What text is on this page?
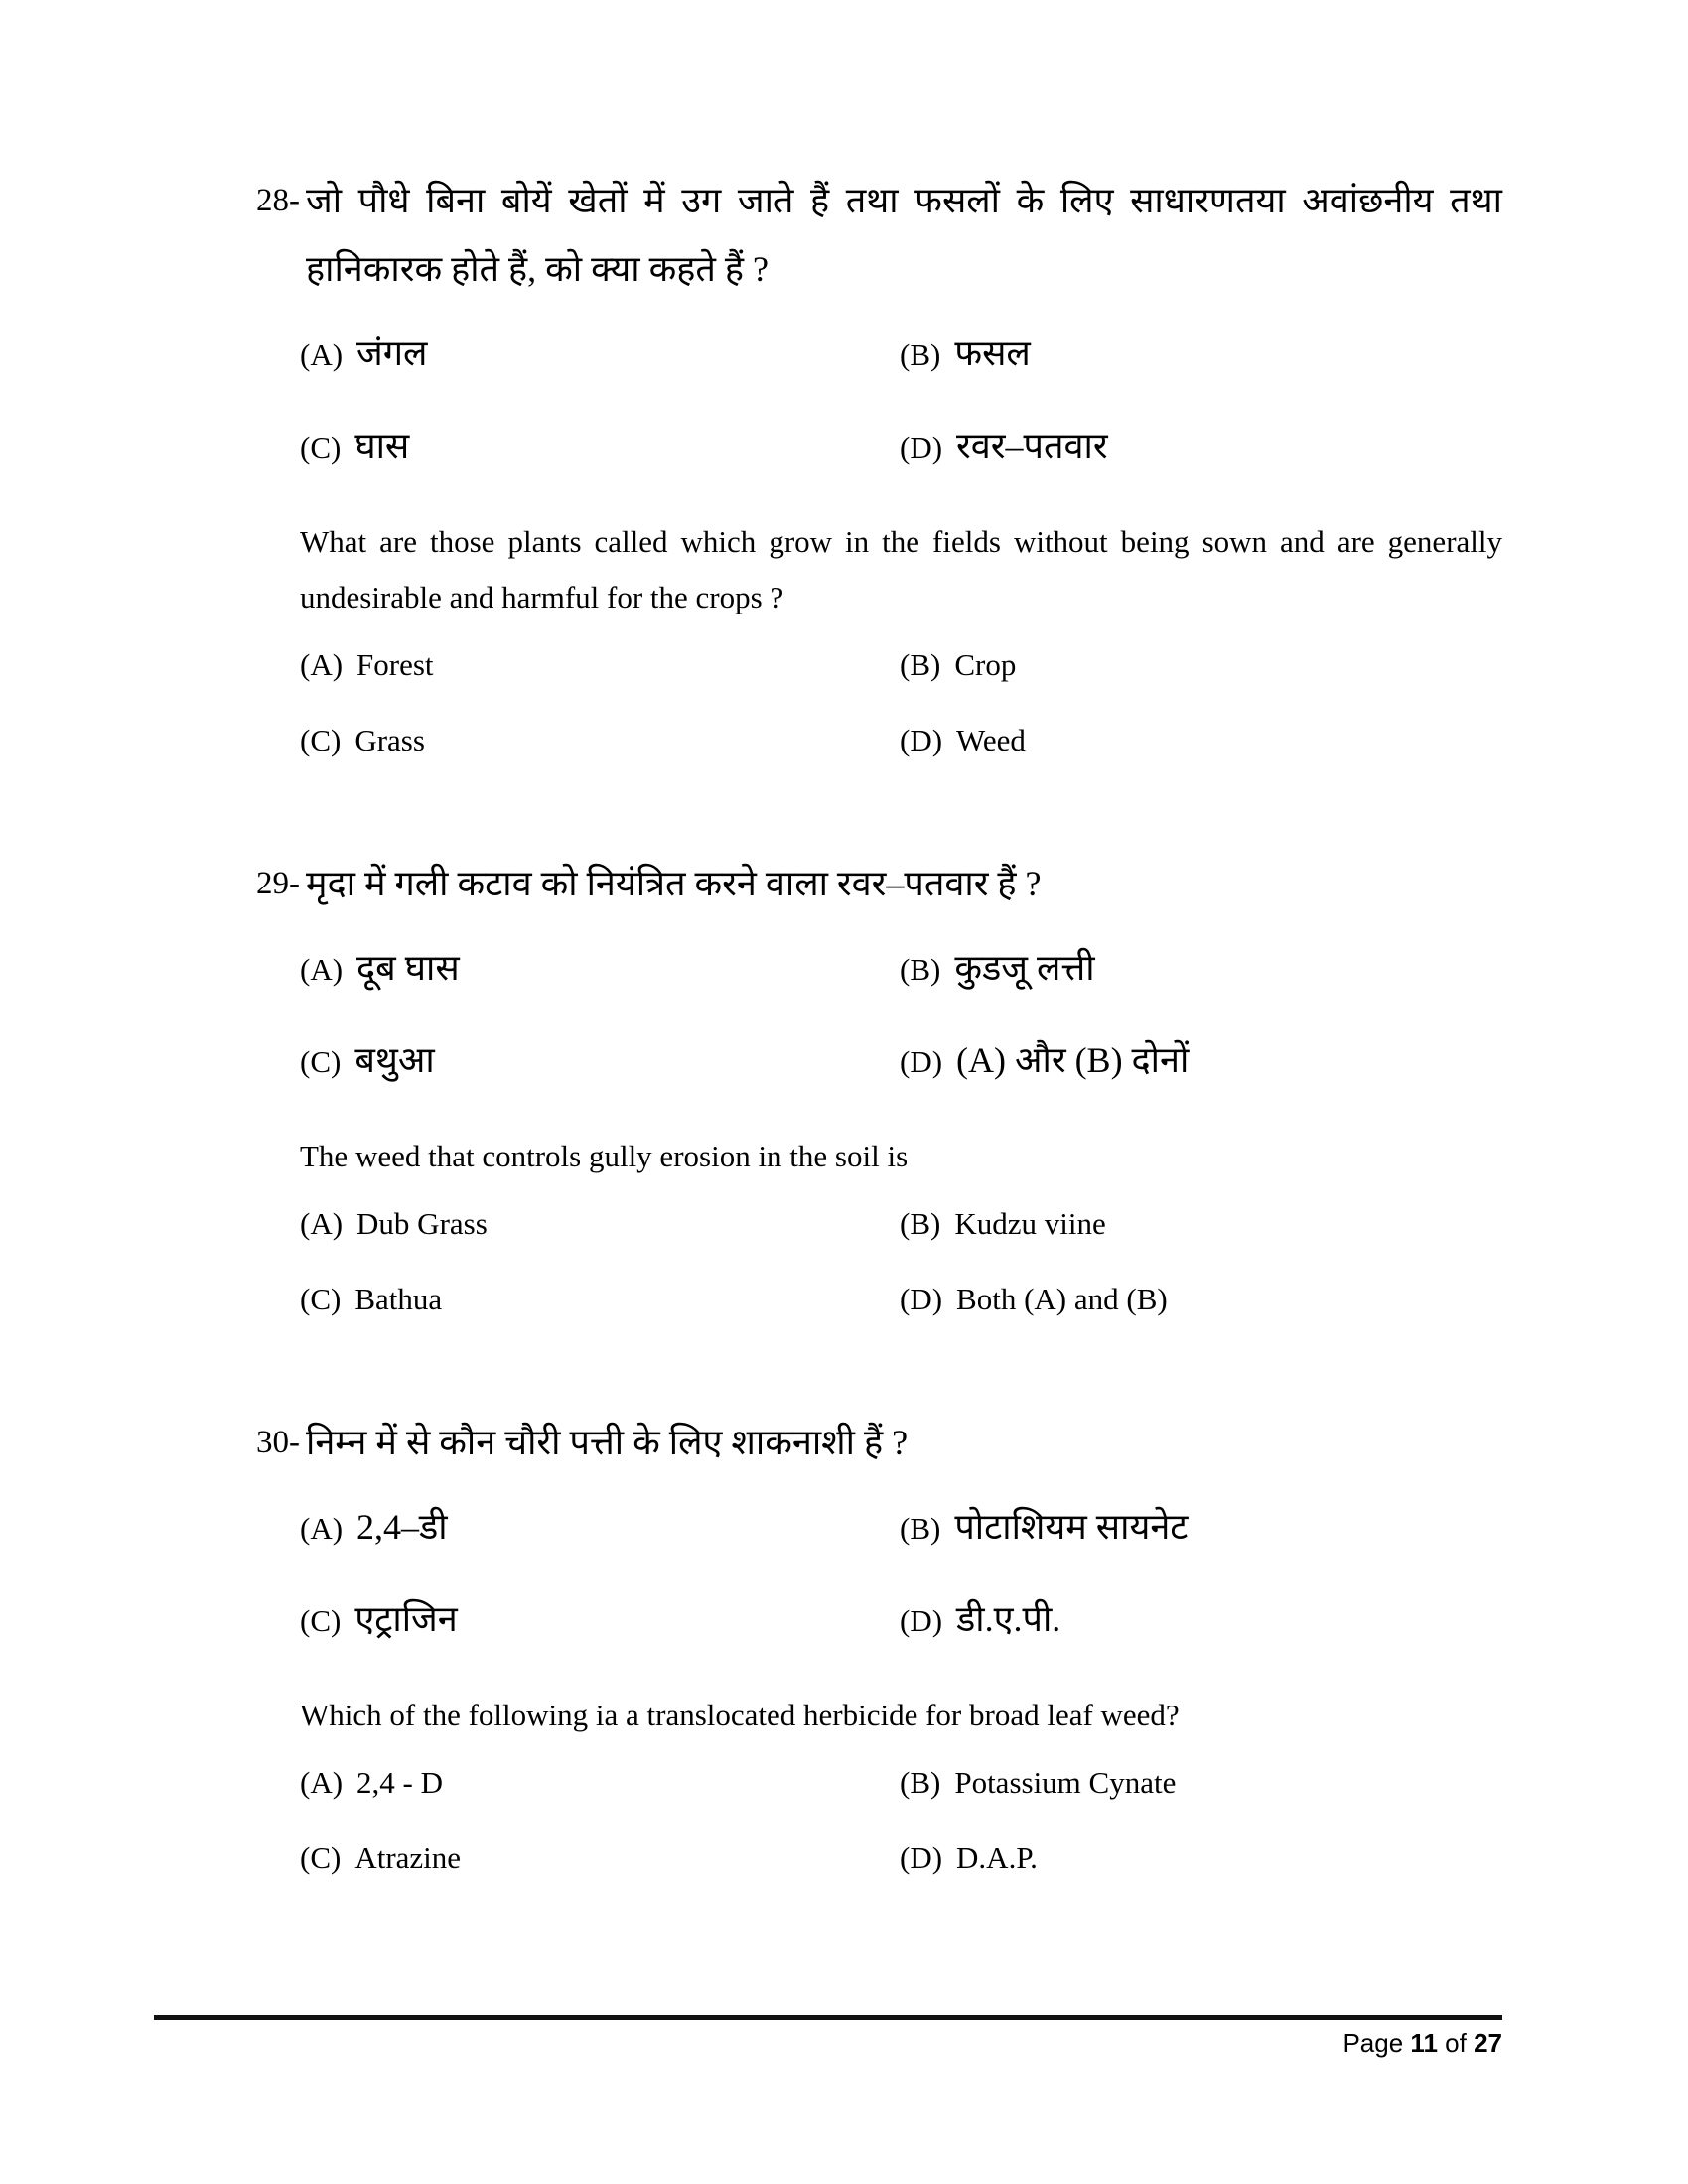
28- जो पौधे बिना बोयें खेतों में उग जाते हैं तथा फसलों के लिए साधारणतया अवांछनीय तथा हानिकारक होते हैं, को क्या कहते हैं ?
(A) जंगल	(B) फसल
(C) घास	(D) रवर–पतवार
What are those plants called which grow in the fields without being sown and are generally undesirable and harmful for the crops ?
(A) Forest	(B) Crop
(C) Grass	(D) Weed
29- मृदा में गली कटाव को नियंत्रित करने वाला रवर–पतवार हैं ?
(A) दूब घास	(B) कुडजू लत्ती
(C) बथुआ	(D) (A) और (B) दोनों
The weed that controls gully erosion in the soil is
(A) Dub Grass	(B) Kudzu viine
(C) Bathua	(D) Both (A) and (B)
30- निम्न में से कौन चौरी पत्ती के लिए शाकनाशी हैं ?
(A) 2,4–डी	(B) पोटाशियम सायनेट
(C) एट्राजिन	(D) डी.ए.पी.
Which of the following ia a translocated herbicide for broad leaf weed?
(A) 2,4 - D	(B) Potassium Cynate
(C) Atrazine	(D) D.A.P.
Page 11 of 27
